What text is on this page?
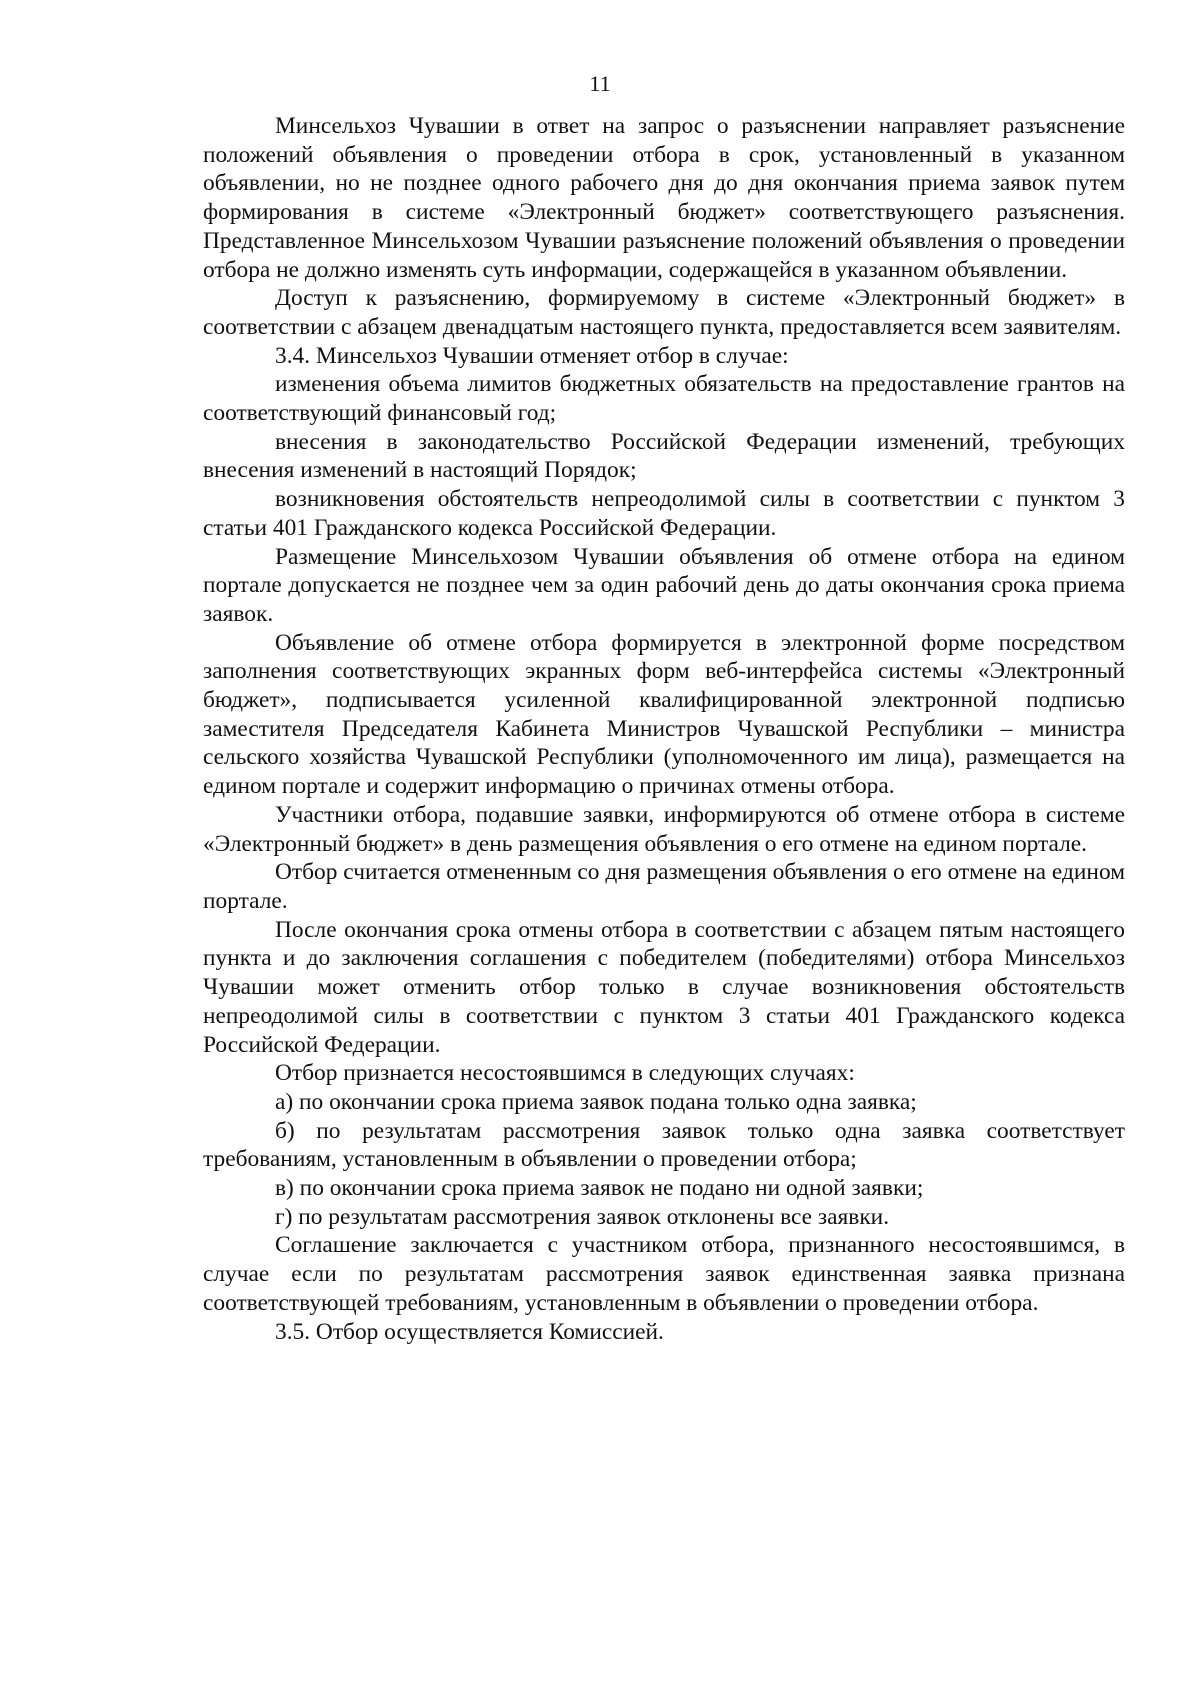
11

Минсельхоз Чувашии в ответ на запрос о разъяснении направляет разъяснение положений объявления о проведении отбора в срок, установленный в указанном объявлении, но не позднее одного рабочего дня до дня окончания приема заявок путем формирования в системе «Электронный бюджет» соответствующего разъяснения. Представленное Минсельхозом Чувашии разъяснение положений объявления о проведении отбора не должно изменять суть информации, содержащейся в указанном объявлении.

Доступ к разъяснению, формируемому в системе «Электронный бюджет» в соответствии с абзацем двенадцатым настоящего пункта, предоставляется всем заявителям.

3.4. Минсельхоз Чувашии отменяет отбор в случае:

изменения объема лимитов бюджетных обязательств на предоставление грантов на соответствующий финансовый год;

внесения в законодательство Российской Федерации изменений, требующих внесения изменений в настоящий Порядок;

возникновения обстоятельств непреодолимой силы в соответствии с пунктом 3 статьи 401 Гражданского кодекса Российской Федерации.

Размещение Минсельхозом Чувашии объявления об отмене отбора на едином портале допускается не позднее чем за один рабочий день до даты окончания срока приема заявок.

Объявление об отмене отбора формируется в электронной форме посредством заполнения соответствующих экранных форм веб-интерфейса системы «Электронный бюджет», подписывается усиленной квалифицированной электронной подписью заместителя Председателя Кабинета Министров Чувашской Республики – министра сельского хозяйства Чувашской Республики (уполномоченного им лица), размещается на едином портале и содержит информацию о причинах отмены отбора.

Участники отбора, подавшие заявки, информируются об отмене отбора в системе «Электронный бюджет» в день размещения объявления о его отмене на едином портале.

Отбор считается отмененным со дня размещения объявления о его отмене на едином портале.

После окончания срока отмены отбора в соответствии с абзацем пятым настоящего пункта и до заключения соглашения с победителем (победителями) отбора Минсельхоз Чувашии может отменить отбор только в случае возникновения обстоятельств непреодолимой силы в соответствии с пунктом 3 статьи 401 Гражданского кодекса Российской Федерации.

Отбор признается несостоявшимся в следующих случаях:

а) по окончании срока приема заявок подана только одна заявка;

б) по результатам рассмотрения заявок только одна заявка соответствует требованиям, установленным в объявлении о проведении отбора;

в) по окончании срока приема заявок не подано ни одной заявки;

г) по результатам рассмотрения заявок отклонены все заявки.

Соглашение заключается с участником отбора, признанного несостоявшимся, в случае если по результатам рассмотрения заявок единственная заявка признана соответствующей требованиям, установленным в объявлении о проведении отбора.

3.5. Отбор осуществляется Комиссией.
